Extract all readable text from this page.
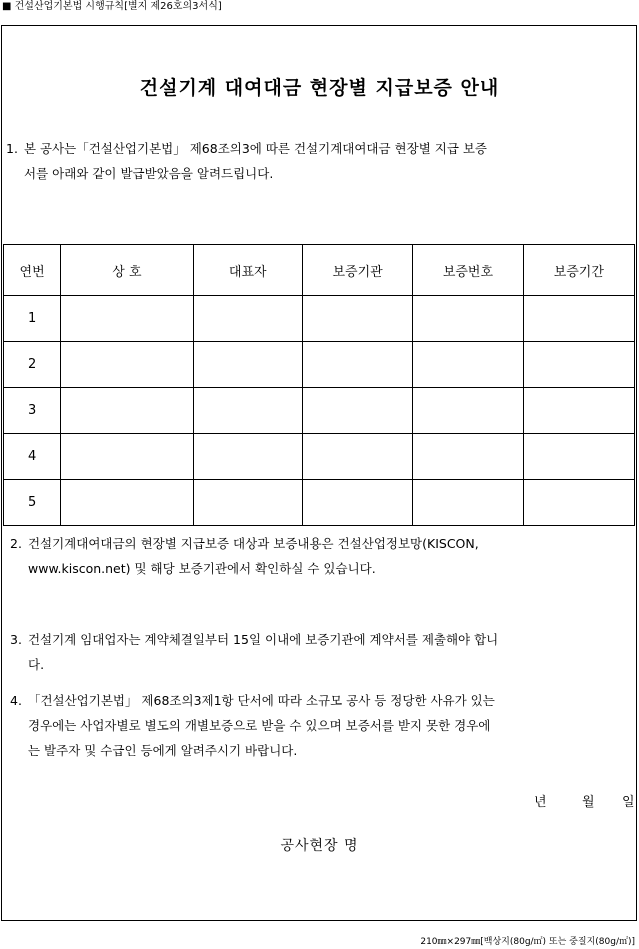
■ 건설산업기본법 시행규칙[별지 제26호의3서식]
건설기계 대여대금 현장별 지급보증 안내
1. 본 공사는「건설산업기본법」 제68조의3에 따른 건설기계대여대금 현장별 지급 보증
서를 아래와 같이 발급받았음을 알려드립니다.
연번	상 호	대표자	보증기관	보증번호	보증기간
1					
2					
3					
4					
5					
2. 건설기계대여대금의 현장별 지급보증 대상과 보증내용은 건설산업정보망(KISCON,
www.kiscon.net) 및 해당 보증기관에서 확인하실 수 있습니다.
3. 건설기계 임대업자는 계약체결일부터 15일 이내에 보증기관에 계약서를 제출해야 합니
다.
4. 「건설산업기본법」 제68조의3제1항 단서에 따라 소규모 공사 등 정당한 사유가 있는
경우에는 사업자별로 별도의 개별보증으로 받을 수 있으며 보증서를 받지 못한 경우에
는 발주자 및 수급인 등에게 알려주시기 바랍니다.
년	월 일
공사현장 명
210㎜×297㎜[백상지(80g/㎡) 또는 중질지(80g/㎡)]
